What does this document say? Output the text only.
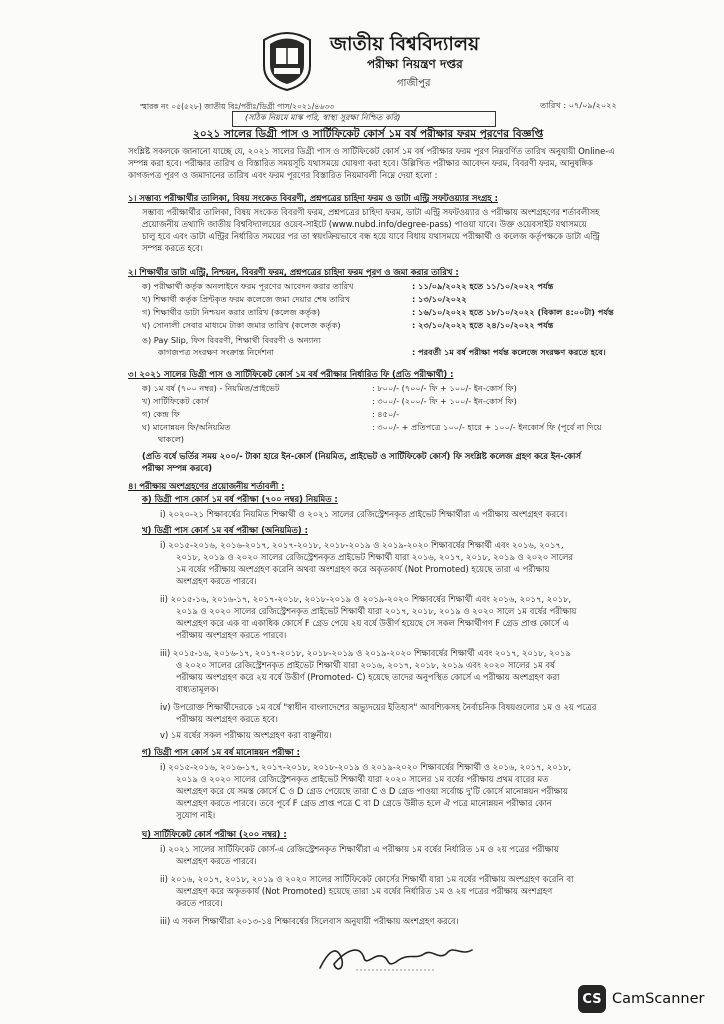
জাতীয় বিশ্ববিদ্যালয়
পরীক্ষা নিয়ন্ত্রণ দপ্তর
গাজীপুর
স্মারক নং ০৫(৫২৮) জাতীয় বিঃ/পরীঃ/ডিগ্রী পাস/২০২১/৪৬৩৩	তারিখ : ০৭/০৯/২০২২
(সঠিক নিয়মে মাস্ক পরি, স্বাস্থ্য সুরক্ষা নিশ্চিত করি)
২০২১ সালের ডিগ্রী পাস ও সার্টিফিকেট কোর্স ১ম বর্ষ পরীক্ষার ফরম পূরণের বিজ্ঞপ্তি
সংশ্লিষ্ট সকলকে জানানো যাচ্ছে যে, ২০২১ সালের ডিগ্রী পাস ও সার্টিফিকেট কোর্স ১ম বর্ষ পরীক্ষার ফরম পূরণ নিম্নবর্ণিত তারিখ অনুযায়ী Online-এ
সম্পন্ন করা হবে। পরীক্ষার তারিখ ও বিস্তারিত সময়সূচি যথাসময়ে ঘোষণা করা হবে। উল্লিখিত পরীক্ষার আবেদন ফরম, বিবরণী ফরম, আনুষঙ্গিক
কাগজপত্র পূরণ ও জমাদানের তারিখ এবং ফরম পূরণের বিস্তারিত নিয়মাবলী নিম্নে দেয়া হলো :
১। সম্ভাব্য পরীক্ষার্থীর তালিকা, বিষয় সংকেত বিবরণী, প্রশ্নপত্রের চাহিদা ফরম ও ডাটা এন্ট্রি সফটওয়্যার সংগ্রহ :
সম্ভাব্য পরীক্ষার্থীর তালিকা, বিষয় সংকেত বিবরণী ফরম, প্রশ্নপত্রের চাহিদা ফরম, ডাটা এন্ট্রি সফটওয়্যার ও পরীক্ষায় অংশগ্রহণের শর্তাবলীসহ
প্রয়োজনীয় তথ্যাদি জাতীয় বিশ্ববিদ্যালয়ের ওয়েব-সাইটে (www.nubd.info/degree-pass) পাওয়া যাবে। উক্ত ওয়েবসাইট যথাসময়ে
চালু হবে এবং ডাটা এন্ট্রির নির্ধারিত সময়ের পর তা স্বয়ংক্রিয়ভাবে বন্ধ হয়ে যাবে বিধায় যথাসময়ে পরীক্ষার্থী ও কলেজ কর্তৃপক্ষকে ডাটা এন্ট্রি
সম্পন্ন করতে হবে।
২। শিক্ষার্থীর ডাটা এন্ট্রি, নিশ্চয়ন, বিবরণী ফরম, প্রশ্নপত্রের চাহিদা ফরম পূরণ ও জমা করার তারিখ :
ক) পরীক্ষার্থী কর্তৃক অনলাইনে ফরম পূরণের আবেদন করার তারিখ	: ১১/০৯/২০২২ হতে ১১/১০/২০২২ পর্যন্ত
খ) শিক্ষার্থী কর্তৃক প্রিন্টকৃত ফরম কলেজে জমা দেয়ার শেষ তারিখ	: ১৩/১০/২০২২
গ) শিক্ষার্থীর ডাটা নিশ্চয়ন করার তারিখ (কলেজ কর্তৃক)	: ১৬/১০/২০২২ হতে ১৮/১০/২০২২ (বিকাল ৪:০০টা) পর্যন্ত
ঘ) সোনালী সেবার মাধ্যমে টাকা জমার তারিখ (কলেজ কর্তৃক)	: ২৩/১০/২০২২ হতে ২৪/১০/২০২২ পর্যন্ত
ঙ) Pay Slip, ফিস বিবরণী, শিক্ষার্থী বিবরণী ও অন্যান্য
কাগজপত্র সংরক্ষণ সংক্রান্ত নির্দেশনা	: পরবর্তী ১ম বর্ষ পরীক্ষা পর্যন্ত কলেজে সংরক্ষণ করতে হবে।
৩। ২০২১ সালের ডিগ্রী পাস ও সার্টিফিকেট কোর্স ১ম বর্ষ পরীক্ষার নির্ধারিত ফি (প্রতি পরীক্ষার্থী) :
ক) ১ম বর্ষ (৭০০ নম্বর) - নিয়মিত/প্রাইভেট	: ৮০০/- (৭০০/- ফি + ১০০/- ইন-কোর্স ফি)
খ) সার্টিফিকেট কোর্স	: ৩০০/- (২০০/- ফি + ১০০/- ইন-কোর্স ফি)
গ) কেন্দ্র ফি	: ৪৫০/-
ঘ) মানোন্নয়ন ফি/অনিয়মিত	: ৩০০/- + প্রতিপত্রে ১০০/- হারে + ১০০/- ইনকোর্স ফি (পূর্বে না দিয়ে
থাকলে)
(প্রতি বর্ষে ভর্তির সময় ২০০/- টাকা হারে ইন-কোর্স (নিয়মিত, প্রাইভেট ও সার্টিফিকেট কোর্স) ফি সংশ্লিষ্ট কলেজ গ্রহণ করে ইন-কোর্স
পরীক্ষা সম্পন্ন করবে)
৪। পরীক্ষায় অংশগ্রহণের প্রয়োজনীয় শর্তাবলী :
ক) ডিগ্রী পাস কোর্স ১ম বর্ষ পরীক্ষা (৭০০ নম্বর) নিয়মিত :
i) ২০২০-২১ শিক্ষাবর্ষের নিয়মিত শিক্ষার্থী ও ২০২১ সালের রেজিস্ট্রেশনকৃত প্রাইভেট শিক্ষার্থীরা এ পরীক্ষায় অংশগ্রহণ করবে।
খ) ডিগ্রী পাস কোর্স ১ম বর্ষ পরীক্ষা (অনিয়মিত) :
i) ২০১৫-২০১৬, ২০১৬-২০১৭, ২০১৭-২০১৮, ২০১৮-২০১৯ ও ২০১৯-২০২০ শিক্ষাবর্ষের শিক্ষার্থী এবং ২০১৬, ২০১৭,
২০১৮, ২০১৯ ও ২০২০ সালের রেজিস্ট্রেশনকৃত প্রাইভেট শিক্ষার্থী যারা ২০১৬, ২০১৭, ২০১৮, ২০১৯ ও ২০২০ সালের
১ম বর্ষের পরীক্ষায় অংশগ্রহণ করেনি অথবা অংশগ্রহণ করে অকৃতকার্য (Not Promoted) হয়েছে তারা এ পরীক্ষায়
অংশগ্রহণ করতে পারবে।
ii) ২০১৫-১৬, ২০১৬-১৭, ২০১৭-২০১৮, ২০১৮-২০১৯ ও ২০১৯-২০২০ শিক্ষাবর্ষের শিক্ষার্থী এবং ২০১৬, ২০১৭, ২০১৮,
২০১৯ ও ২০২০ সালের রেজিস্ট্রেশনকৃত প্রাইভেট শিক্ষার্থী যারা ২০১৭, ২০১৮, ২০১৯ ও ২০২০ সালে ১ম বর্ষের পরীক্ষায়
অংশগ্রহণ করে এক বা একাধিক কোর্সে F গ্রেড পেয়ে ২য় বর্ষে উত্তীর্ণ হয়েছে সে সকল শিক্ষার্থীগণ F গ্রেড প্রাপ্ত কোর্সে এ
পরীক্ষায় অংশগ্রহণ করতে পারবে।
iii) ২০১৫-১৬, ২০১৬-১৭, ২০১৭-২০১৮, ২০১৮-২০১৯ ও ২০১৯-২০২০ শিক্ষাবর্ষের শিক্ষার্থী এবং ২০১৭, ২০১৮, ২০১৯
ও ২০২০ সালের রেজিস্ট্রেশনকৃত প্রাইভেট শিক্ষার্থী যারা ২০১৬, ২০১৭, ২০১৮, ২০১৯ এবং ২০২০ সালের ১ম বর্ষ
পরীক্ষায় অংশগ্রহণ করে ২য় বর্ষে উত্তীর্ণ (Promoted- C) হয়েছে তাদের অনুপস্থিত কোর্সে এ পরীক্ষায় অংশগ্রহণ করা
বাধ্যতামূলক।
iv) উপরোক্ত শিক্ষার্থীদেরকে ১ম বর্ষে "স্বাধীন বাংলাদেশের অভ্যুদয়ের ইতিহাস" আবশ্যিকসহ নৈর্বাচনিক বিষয়গুলোর ১ম ও ২য় পত্রের
পরীক্ষায় অংশগ্রহণ করতে হবে।
v) ১ম বর্ষের সকল পরীক্ষায় অংশগ্রহণ করা বাঞ্ছনীয়।
গ) ডিগ্রী পাস কোর্স ১ম বর্ষ মানোন্নয়ন পরীক্ষা :
i) ২০১৫-২০১৬, ২০১৬-১৭, ২০১৭-২০১৮, ২০১৮-২০১৯ ও ২০১৯-২০২০ শিক্ষাবর্ষের শিক্ষার্থী ও ২০১৬, ২০১৭, ২০১৮,
২০১৯ ও ২০২০ সালের রেজিস্ট্রেশনকৃত প্রাইভেট শিক্ষার্থী যারা ২০২০ সালের ১ম বর্ষের পরীক্ষায় প্রথম বারের মত
অংশগ্রহণ করে যে সমস্ত কোর্সে C ও D গ্রেড পেয়েছে তারা C ও D গ্রেড পাওয়া সর্বোচ্চ দু'টি কোর্সে মানোন্নয়ন পরীক্ষায়
অংশগ্রহণ করতে পারবে। তবে পূর্বে F গ্রেড প্রাপ্ত পত্রে C বা D গ্রেডে উন্নীত হলে ঐ পত্রে মানোন্নয়ন পরীক্ষার কোন
সুযোগ নাই।
ঘ) সার্টিফিকেট কোর্স পরীক্ষা (২০০ নম্বর) :
i) ২০২১ সালের সার্টিফিকেট কোর্স-এ রেজিস্ট্রেশনকৃত শিক্ষার্থীরা এ পরীক্ষায় ১ম বর্ষের নির্ধারিত ১ম ও ২য় পত্রের পরীক্ষায়
অংশগ্রহণ করতে পারবে।
ii) ২০১৬, ২০১৭, ২০১৮, ২০১৯ ও ২০২০ সালের সার্টিফিকেট কোর্সের শিক্ষার্থী যারা ১ম বর্ষের পরীক্ষায় অংশগ্রহণ করেনি বা
অংশগ্রহণ করে অকৃতকার্য (Not Promoted) হয়েছে তারা ১ম বর্ষের নির্ধারিত ১ম ও ২য় পত্রের পরীক্ষায় অংশগ্রহণ
করতে পারবে।
iii) এ সকল শিক্ষার্থীরা ২০১৩-১৪ শিক্ষাবর্ষের সিলেবাস অনুযায়ী পরীক্ষায় অংশগ্রহণ করবে।
CS CamScanner
